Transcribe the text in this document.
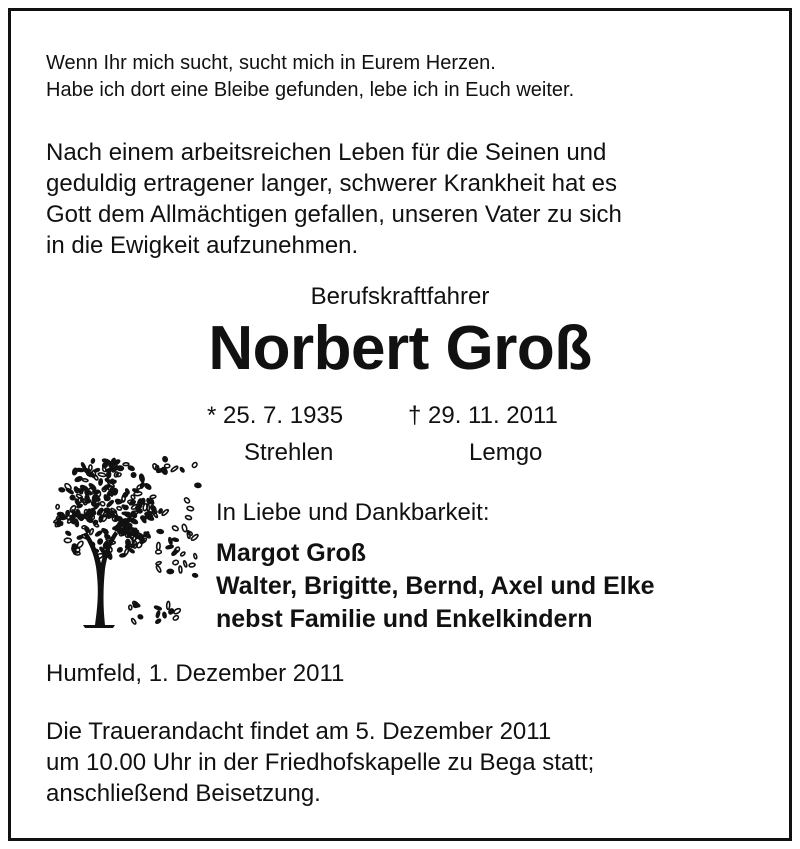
Wenn Ihr mich sucht, sucht mich in Eurem Herzen.
Habe ich dort eine Bleibe gefunden, lebe ich in Euch weiter.
Nach einem arbeitsreichen Leben für die Seinen und
geduldig ertragener langer, schwerer Krankheit hat es
Gott dem Allmächtigen gefallen, unseren Vater zu sich
in die Ewigkeit aufzunehmen.
Berufskraftfahrer
Norbert Groß
* 25. 7. 1935	† 29. 11. 2011
Strehlen	Lemgo
In Liebe und Dankbarkeit:
Margot Groß
Walter, Brigitte, Bernd, Axel und Elke
nebst Familie und Enkelkindern
Humfeld, 1. Dezember 2011
Die Trauerandacht findet am 5. Dezember 2011
um 10.00 Uhr in der Friedhofskapelle zu Bega statt;
anschließend Beisetzung.
